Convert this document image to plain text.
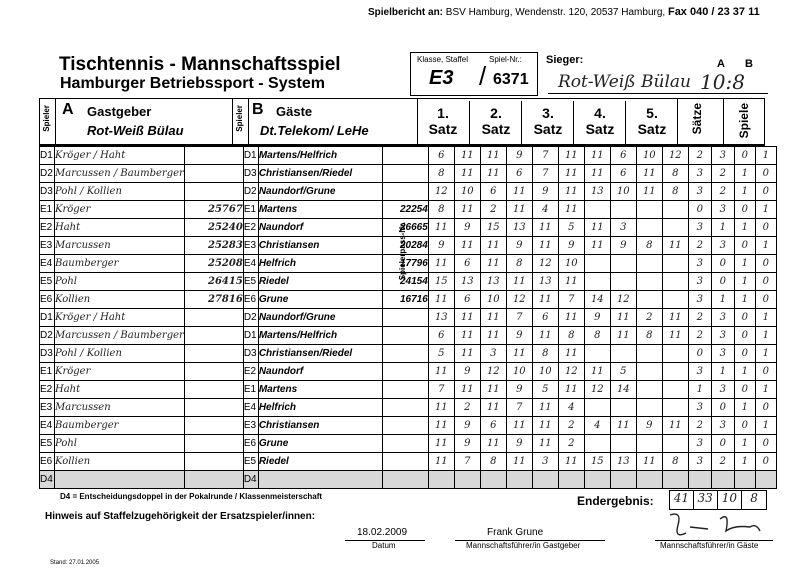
Spielbericht an: BSV Hamburg, Wendenstr. 120, 20537 Hamburg, Fax 040 / 23 37 11
Tischtennis - Mannschaftsspiel
Hamburger Betriebssport - System
Klasse, Staffel	Spiel-Nr.:
E3 / 6371
Sieger:	A B
Rot-Weiß Bülau 10:8
Spieler A Gastgeber
Rot-Weiß Bülau	Spieler B Gäste
Dt.Telekom/ LeHe
1.
Satz
2.
Satz
3.
Satz
4.
Satz
5.
Satz	Sätze	Spiele
D1	Kröger / Haht		D1	Martens/Helfrich		6	11	11	9	7	11	11	6	10	12	2	3	0	1
D2	Marcussen / Baumberger		D3	Christiansen/Riedel		8	11	11	6	7	11	11	6	11	8	3	2	1	0
D3	Pohl / Kollien		D2	Naundorf/Grune		12	10	6	11	9	11	13	10	11	8	3	2	1	0
E1	Kröger	25767	E1	Martens	22254	8	11	2	11	4	11					0	3	0	1
E2	Haht	25240	E2	Naundorf	26665	11	9	15	13	11	5	11	3			3	1	1	0
E3	Marcussen	25283	E3	Christiansen	20284	9	11	11	9	11	9	11	9	8	11	2	3	0	1
E4	Baumberger	25208	E4	Helfrich	17796	11	6	11	8	12	10					3	0	1	0
E5	Pohl	26415	E5	Riedel	24154	15	13	13	11	13	11					3	0	1	0
E6	Kollien	27816	E6	Grune	16716	11	6	10	12	11	7	14	12			3	1	1	0
D1	Kröger / Haht		D2	Naundorf/Grune		13	11	11	7	6	11	9	11	2	11	2	3	0	1
D2	Marcussen / Baumberger		D1	Martens/Helfrich		6	11	11	9	11	8	8	11	8	11	2	3	0	1
D3	Pohl / Kollien		D3	Christiansen/Riedel		5	11	3	11	8	11					0	3	0	1
E1	Kröger		E2	Naundorf		11	9	12	10	10	12	11	5			3	1	1	0
E2	Haht		E1	Martens		7	11	11	9	5	11	12	14			1	3	0	1
E3	Marcussen		E4	Helfrich		11	2	11	7	11	4					3	0	1	0
E4	Baumberger		E3	Christiansen		11	9	6	11	11	2	4	11	9	11	2	3	0	1
E5	Pohl		E6	Grune		11	9	11	9	11	2					3	0	1	0
E6	Kollien		E5	Riedel		11	7	8	11	3	11	15	13	11	8	3	2	1	0
D4			D4																
Spielerpass-Nr.
D4 = Entscheidungsdoppel in der Pokalrunde / Klassenmeisterschaft	Endergebnis:	41 33 10	8
Hinweis auf Staffelzugehörigkeit der Ersatzspieler/innen:
18.02.2009
Datum
Frank Grune
Mannschaftsführer/in Gastgeber	Mannschaftsführer/in Gäste
Stand: 27.01.2005
